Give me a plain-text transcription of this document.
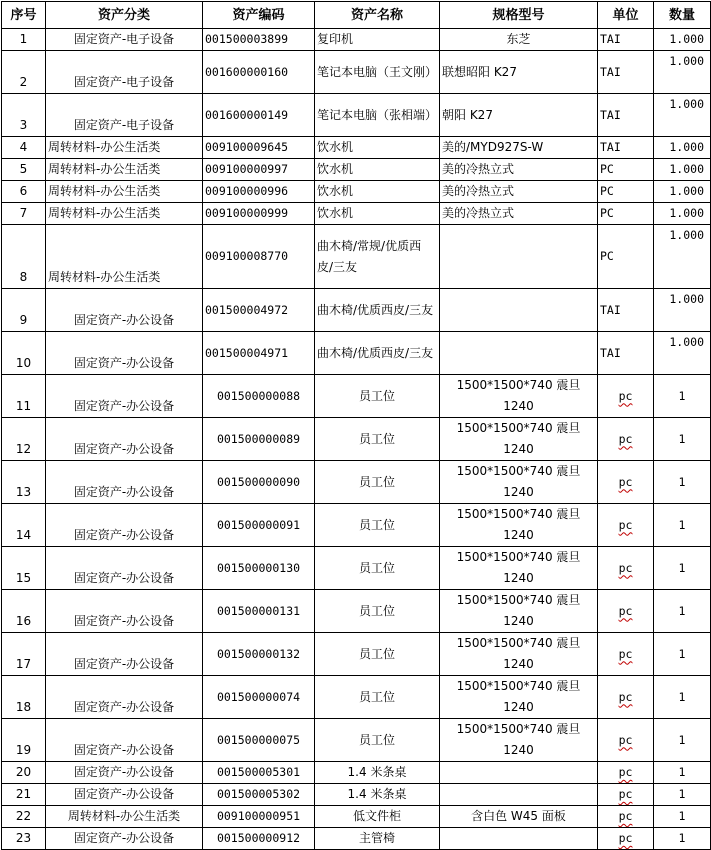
序号	资产分类	资产编码	资产名称	规格型号	单位	数量
1	固定资产-电子设备	001500003899	复印机	东芝	TAI	1.000
2	固定资产-电子设备	001600000160	笔记本电脑（王文刚）	联想昭阳 K27	TAI	1.000
3	固定资产-电子设备	001600000149	笔记本电脑（张相端）	朝阳 K27	TAI	1.000
4	周转材料-办公生活类	009100009645	饮水机	美的/MYD927S-W	TAI	1.000
5	周转材料-办公生活类	009100000997	饮水机	美的冷热立式	PC	1.000
6	周转材料-办公生活类	009100000996	饮水机	美的冷热立式	PC	1.000
7	周转材料-办公生活类	009100000999	饮水机	美的冷热立式	PC	1.000
8	周转材料-办公生活类	009100008770	曲木椅/常规/优质西皮/三友		PC	1.000
9	固定资产-办公设备	001500004972	曲木椅/优质西皮/三友		TAI	1.000
10	固定资产-办公设备	001500004971	曲木椅/优质西皮/三友		TAI	1.000
11	固定资产-办公设备	001500000088	员工位	1500*1500*740 震旦 1240	pc	1
12	固定资产-办公设备	001500000089	员工位	1500*1500*740 震旦 1240	pc	1
13	固定资产-办公设备	001500000090	员工位	1500*1500*740 震旦 1240	pc	1
14	固定资产-办公设备	001500000091	员工位	1500*1500*740 震旦 1240	pc	1
15	固定资产-办公设备	001500000130	员工位	1500*1500*740 震旦 1240	pc	1
16	固定资产-办公设备	001500000131	员工位	1500*1500*740 震旦 1240	pc	1
17	固定资产-办公设备	001500000132	员工位	1500*1500*740 震旦 1240	pc	1
18	固定资产-办公设备	001500000074	员工位	1500*1500*740 震旦 1240	pc	1
19	固定资产-办公设备	001500000075	员工位	1500*1500*740 震旦 1240	pc	1
20	固定资产-办公设备	001500005301	1.4 米条桌		pc	1
21	固定资产-办公设备	001500005302	1.4 米条桌		pc	1
22	周转材料-办公生活类	009100000951	低文件柜	含白色 W45 面板	pc	1
23	固定资产-办公设备	001500000912	主管椅		pc	1
